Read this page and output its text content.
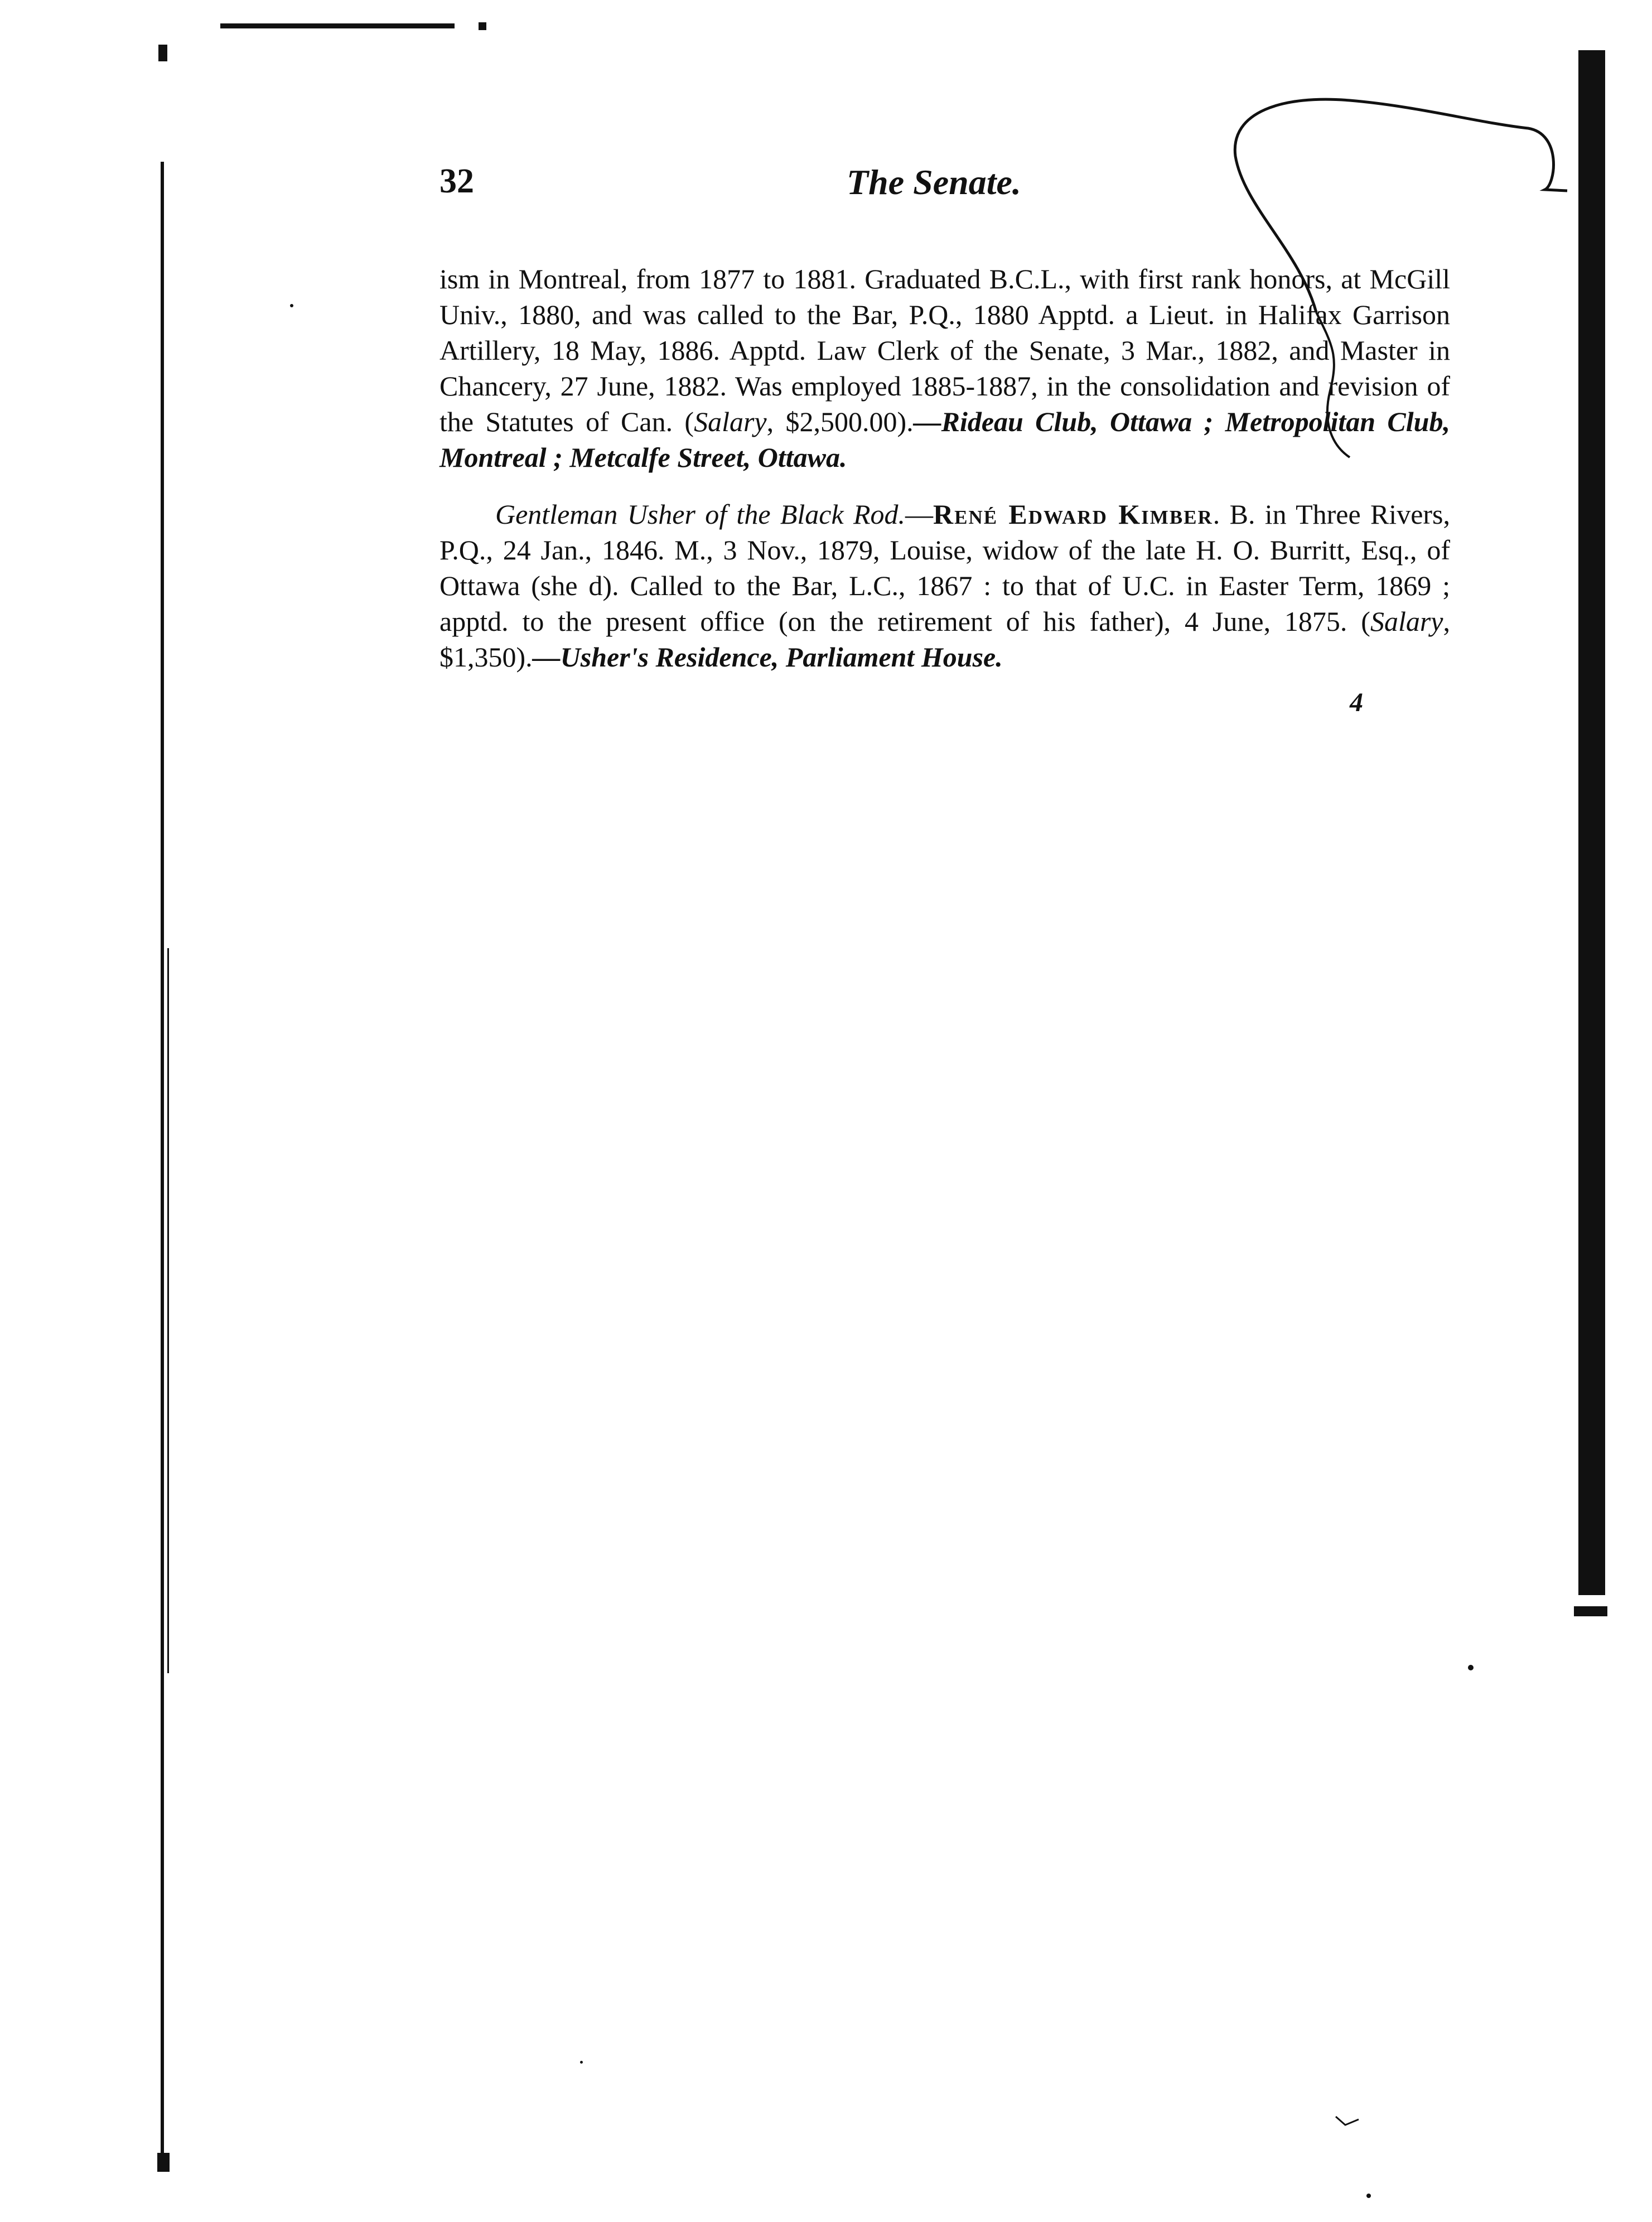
32	The Senate.

ism in Montreal, from 1877 to 1881. Graduated B.C.L., with first rank honors, at McGill Univ., 1880, and was called to the Bar, P.Q., 1880 Apptd. a Lieut. in Halifax Garrison Artillery, 18 May, 1886. Apptd. Law Clerk of the Senate, 3 Mar., 1882, and Master in Chancery, 27 June, 1882. Was employed 1885-1887, in the consolidation and revision of the Statutes of Can. (Salary, $2,500.00).—Rideau Club, Ottawa ; Metropolitan Club, Montreal ; Metcalfe Street, Ottawa.

Gentleman Usher of the Black Rod.—René Edward Kimber. B. in Three Rivers, P.Q., 24 Jan., 1846. M., 3 Nov., 1879, Louise, widow of the late H. O. Burritt, Esq., of Ottawa (she d). Called to the Bar, L.C., 1867 : to that of U.C. in Easter Term, 1869 ; apptd. to the present office (on the retirement of his father), 4 June, 1875. (Salary, $1,350).—Usher's Residence, Parliament House.

4
